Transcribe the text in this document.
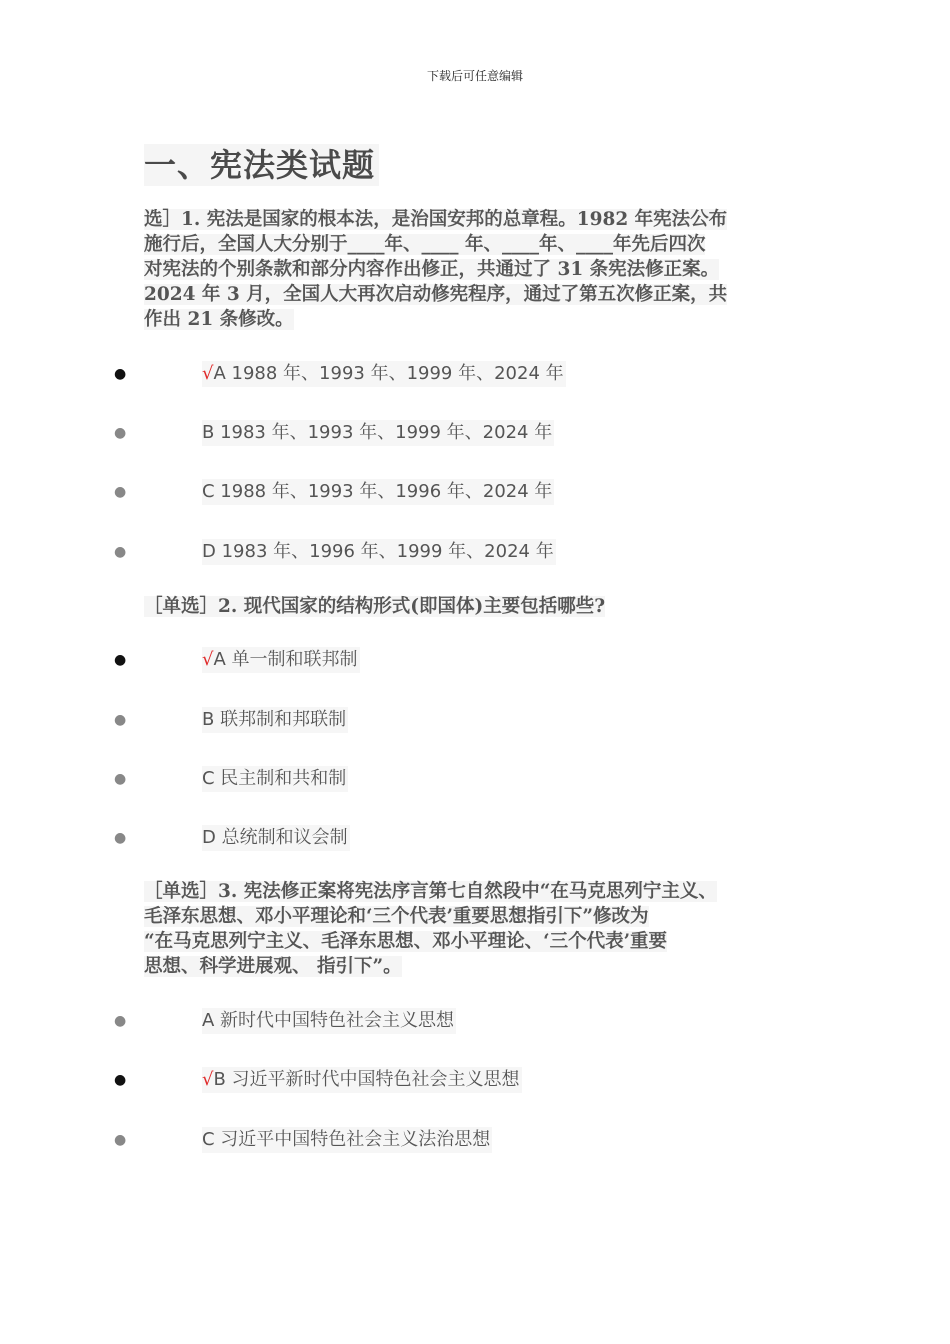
下载后可任意编辑
一、宪法类试题

选］1. 宪法是国家的根本法，是治国安邦的总章程。1982 年宪法公布
施行后，全国人大分别于____年、____ 年、____年、____年先后四次
对宪法的个别条款和部分内容作出修正，共通过了 31 条宪法修正案。
2024 年 3 月，全国人大再次启动修宪程序，通过了第五次修正案，共
作出 21 条修改。

●	√A 1988 年、1993 年、1999 年、2024 年
●	B 1983 年、1993 年、1999 年、2024 年
●	C 1988 年、1993 年、1996 年、2024 年
●	D 1983 年、1996 年、1999 年、2024 年

［单选］2. 现代国家的结构形式(即国体)主要包括哪些?

●	√A 单一制和联邦制
●	B 联邦制和邦联制
●	C 民主制和共和制
●	D 总统制和议会制

［单选］3. 宪法修正案将宪法序言第七自然段中“在马克思列宁主义、
毛泽东思想、邓小平理论和‘三个代表’重要思想指引下”修改为
“在马克思列宁主义、毛泽东思想、邓小平理论、‘三个代表’重要
思想、科学进展观、 指引下”。

●	A 新时代中国特色社会主义思想
●	√B 习近平新时代中国特色社会主义思想
●	C 习近平中国特色社会主义法治思想
